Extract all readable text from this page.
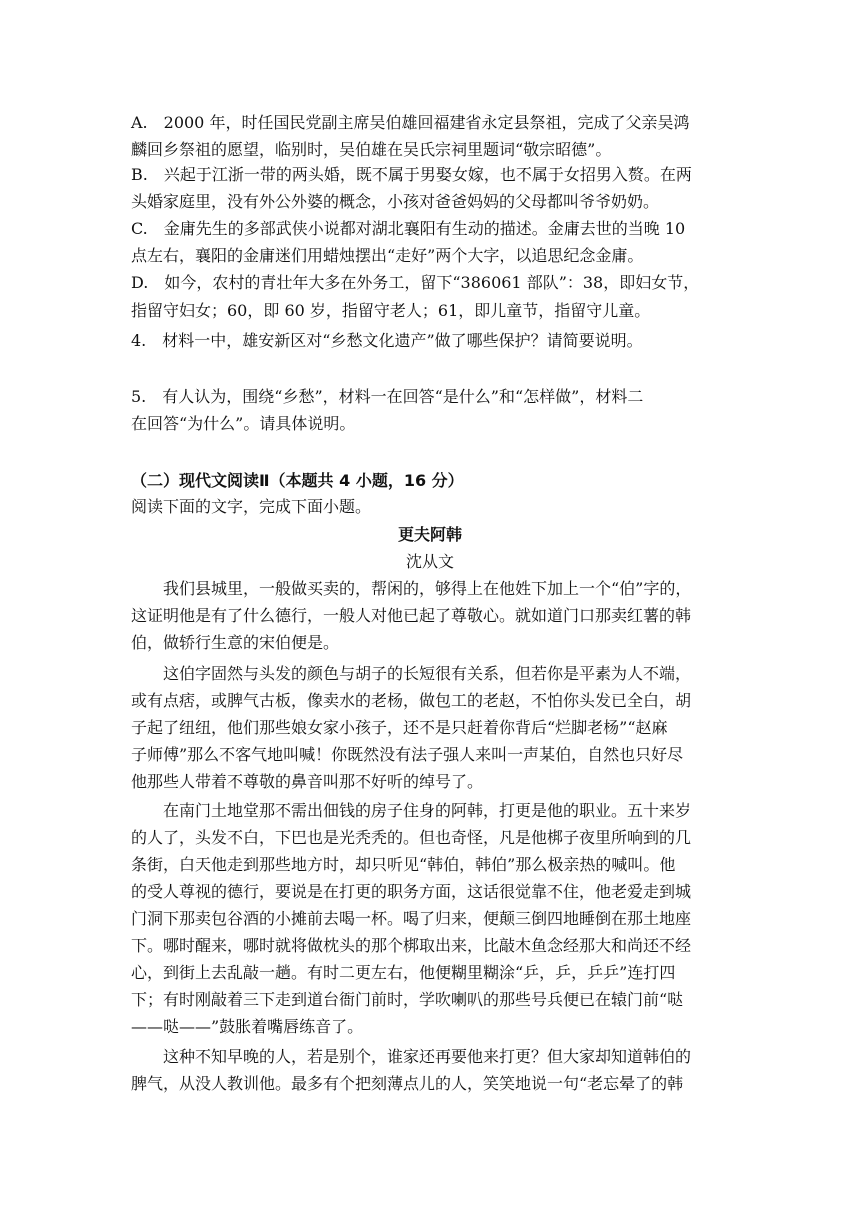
A.　2000 年，时任国民党副主席吴伯雄回福建省永定县祭祖，完成了父亲吴鸿
麟回乡祭祖的愿望，临别时，吴伯雄在吴氏宗祠里题词“敬宗昭德”。
B.　兴起于江浙一带的两头婚，既不属于男娶女嫁，也不属于女招男入赘。在两
头婚家庭里，没有外公外婆的概念，小孩对爸爸妈妈的父母都叫爷爷奶奶。
C.　金庸先生的多部武侠小说都对湖北襄阳有生动的描述。金庸去世的当晚 10
点左右，襄阳的金庸迷们用蜡烛摆出“走好”两个大字，以追思纪念金庸。
D.　如今，农村的青壮年大多在外务工，留下“386061 部队”：38，即妇女节，
指留守妇女；60，即 60 岁，指留守老人；61，即儿童节，指留守儿童。
4.　材料一中，雄安新区对“乡愁文化遗产”做了哪些保护？请简要说明。
5.　有人认为，围绕“乡愁”，材料一在回答“是什么”和“怎样做”，材料二
在回答“为什么”。请具体说明。
（二）现代文阅读Ⅱ（本题共 4 小题，16 分）
阅读下面的文字，完成下面小题。
更夫阿韩
沈从文
　　我们县城里，一般做买卖的，帮闲的，够得上在他姓下加上一个“伯”字的，
这证明他是有了什么德行，一般人对他已起了尊敬心。就如道门口那卖红薯的韩
伯，做轿行生意的宋伯便是。
　　这伯字固然与头发的颜色与胡子的长短很有关系，但若你是平素为人不端，
或有点痞，或脾气古板，像卖水的老杨，做包工的老赵，不怕你头发已全白，胡
子起了纽纽，他们那些娘女家小孩子，还不是只赶着你背后“烂脚老杨”“赵麻
子师傅”那么不客气地叫喊！你既然没有法子强人来叫一声某伯，自然也只好尽
他那些人带着不尊敬的鼻音叫那不好听的绰号了。
　　在南门土地堂那不需出佃钱的房子住身的阿韩，打更是他的职业。五十来岁
的人了，头发不白，下巴也是光秃秃的。但也奇怪，凡是他梆子夜里所响到的几
条街，白天他走到那些地方时，却只听见“韩伯，韩伯”那么极亲热的喊叫。他
的受人尊视的德行，要说是在打更的职务方面，这话很觉靠不住，他老爱走到城
门洞下那卖包谷酒的小摊前去喝一杯。喝了归来，便颠三倒四地睡倒在那土地座
下。哪时醒来，哪时就将做枕头的那个梆取出来，比敲木鱼念经那大和尚还不经
心，到街上去乱敲一趟。有时二更左右，他便糊里糊涂“乒，乒，乒乒”连打四
下；有时刚敲着三下走到道台衙门前时，学吹喇叭的那些号兵便已在辕门前“哒
——哒——”鼓胀着嘴唇练音了。
　　这种不知早晚的人，若是别个，谁家还再要他来打更？但大家却知道韩伯的
脾气，从没人教训他。最多有个把刻薄点儿的人，笑笑地说一句“老忘晕了的韩
